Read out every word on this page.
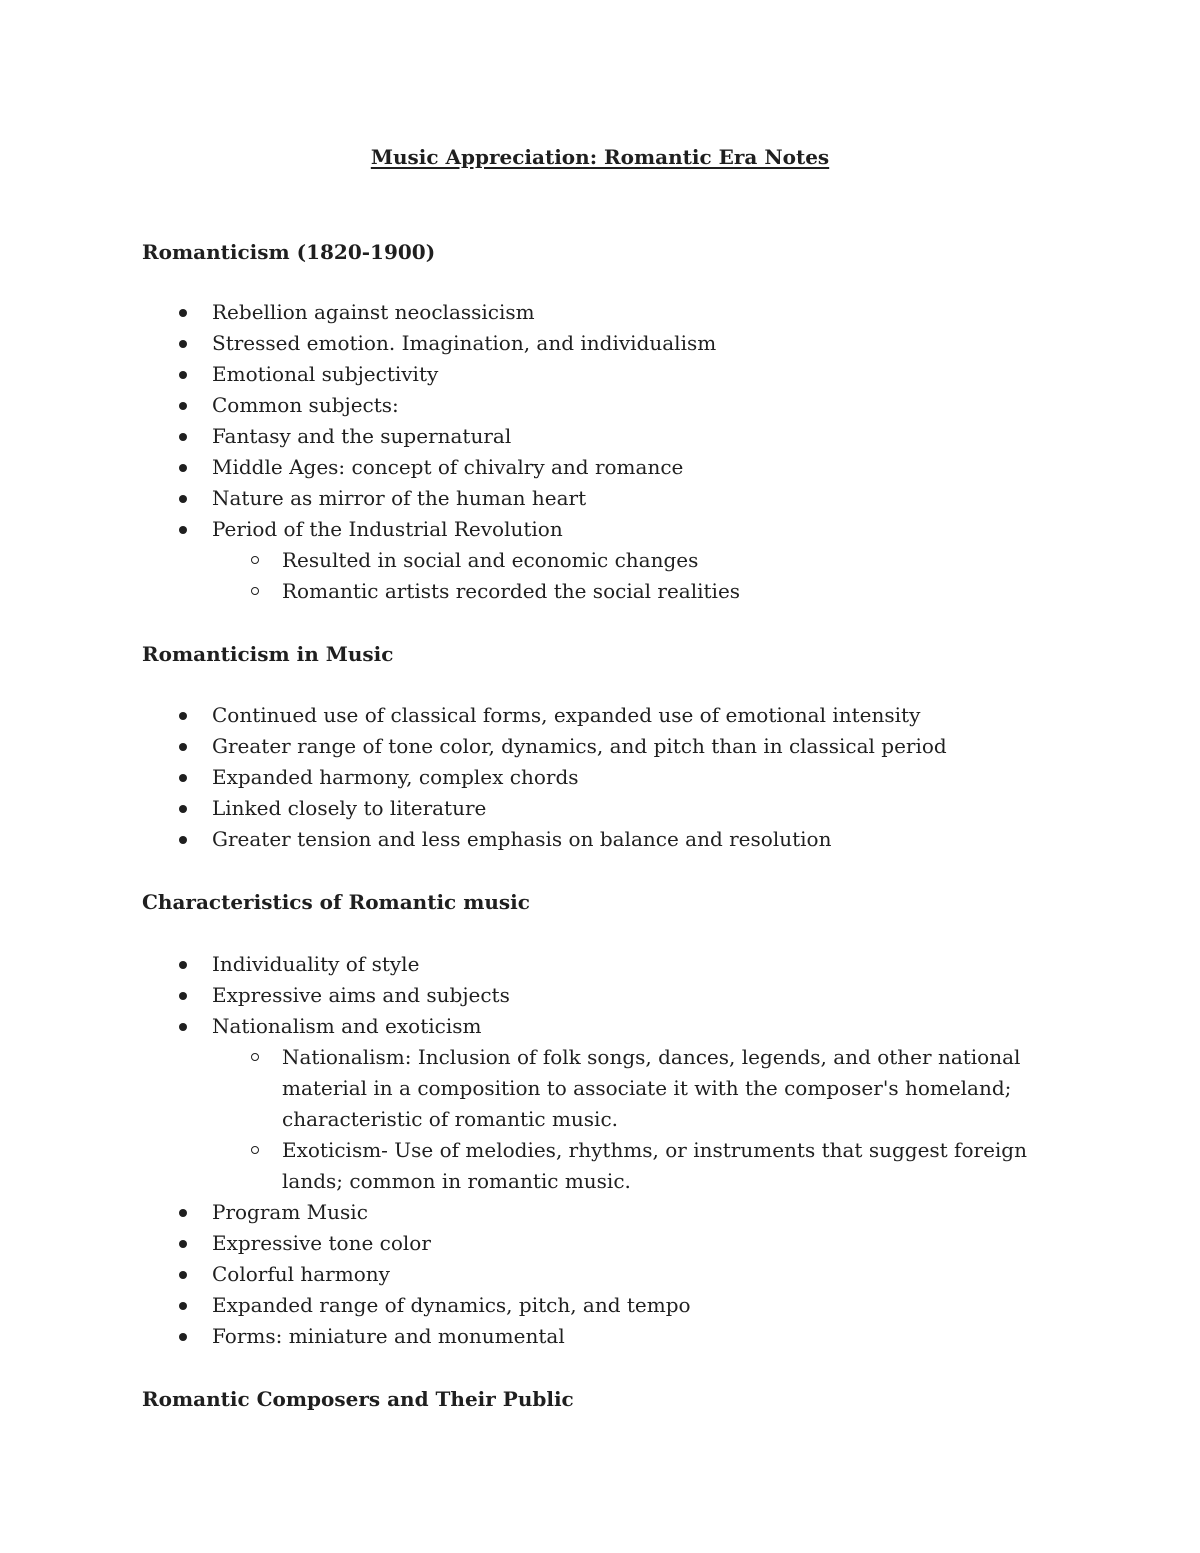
Music Appreciation: Romantic Era Notes
Romanticism (1820-1900)
Rebellion against neoclassicism
Stressed emotion. Imagination, and individualism
Emotional subjectivity
Common subjects:
Fantasy and the supernatural
Middle Ages: concept of chivalry and romance
Nature as mirror of the human heart
Period of the Industrial Revolution
Resulted in social and economic changes
Romantic artists recorded the social realities
Romanticism in Music
Continued use of classical forms, expanded use of emotional intensity
Greater range of tone color, dynamics, and pitch than in classical period
Expanded harmony, complex chords
Linked closely to literature
Greater tension and less emphasis on balance and resolution
Characteristics of Romantic music
Individuality of style
Expressive aims and subjects
Nationalism and exoticism
Nationalism: Inclusion of folk songs, dances, legends, and other national material in a composition to associate it with the composer's homeland; characteristic of romantic music.
Exoticism- Use of melodies, rhythms, or instruments that suggest foreign lands; common in romantic music.
Program Music
Expressive tone color
Colorful harmony
Expanded range of dynamics, pitch, and tempo
Forms: miniature and monumental
Romantic Composers and Their Public
